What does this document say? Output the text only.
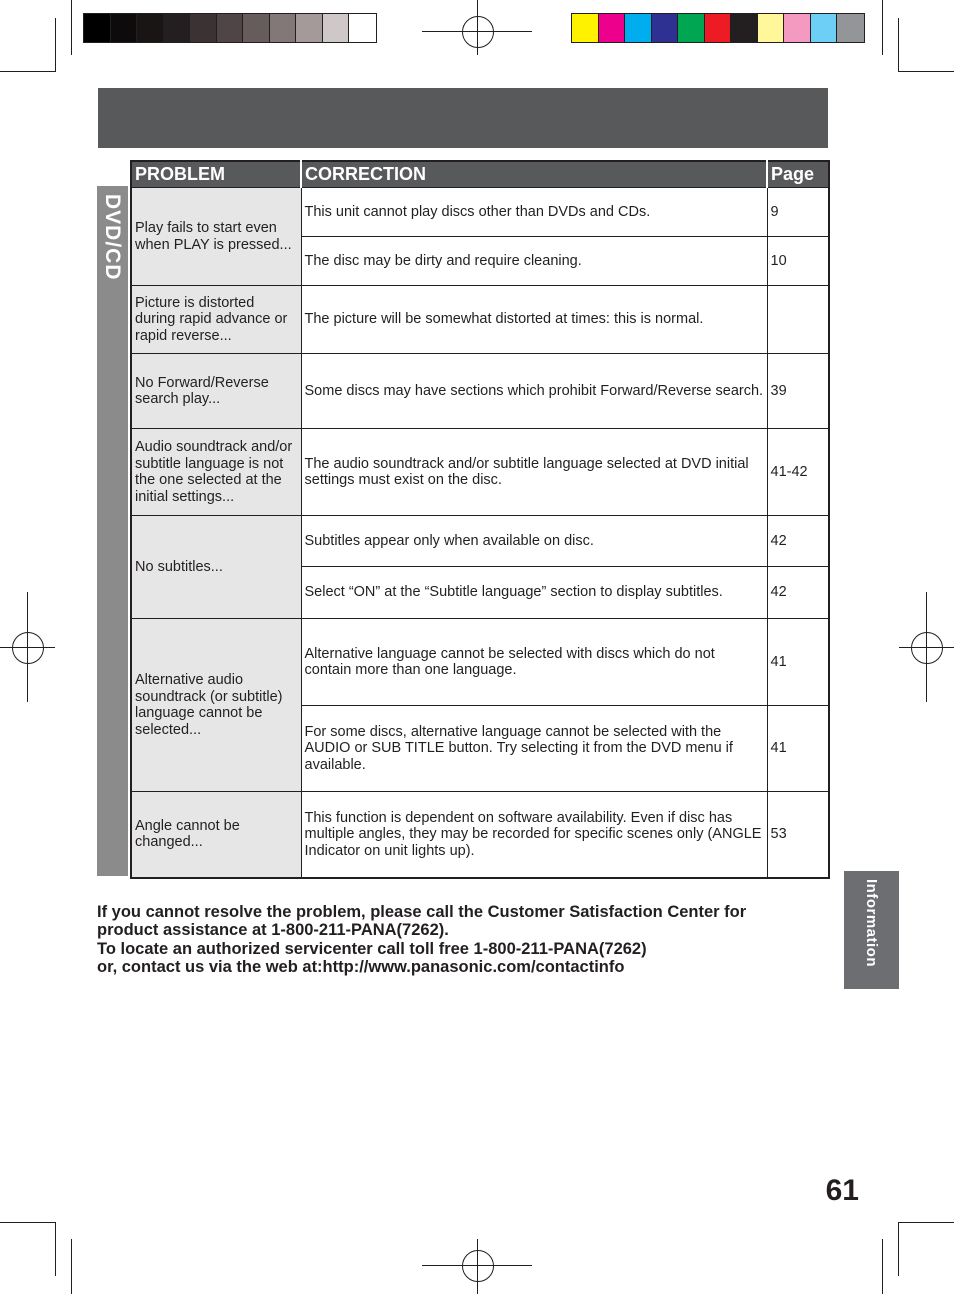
DVD/CD
PROBLEM	CORRECTION	Page
Play fails to start even when PLAY is pressed...	This unit cannot play discs other than DVDs and CDs.	9
	The disc may be dirty and require cleaning.	10
Picture is distorted during rapid advance or rapid reverse...	The picture will be somewhat distorted at times: this is normal.	
No Forward/Reverse search play...	Some discs may have sections which prohibit Forward/Reverse search.	39
Audio soundtrack and/or subtitle language is not the one selected at the initial settings...	The audio soundtrack and/or subtitle language selected at DVD initial settings must exist on the disc.	41-42
No subtitles...	Subtitles appear only when available on disc.	42
	Select “ON” at the “Subtitle language” section to display subtitles.	42
Alternative audio soundtrack (or subtitle) language cannot be selected...	Alternative language cannot be selected with discs which do not contain more than one language.	41
	For some discs, alternative language cannot be selected with the AUDIO or SUB TITLE button. Try selecting it from the DVD menu if available.	41
Angle cannot be changed...	This function is dependent on software availability. Even if disc has multiple angles, they may be recorded for specific scenes only (ANGLE Indicator on unit lights up).	53
If you cannot resolve the problem, please call the Customer Satisfaction Center for
product assistance at 1-800-211-PANA(7262).
To locate an authorized servicenter call toll free 1-800-211-PANA(7262)
or, contact us via the web at:http://www.panasonic.com/contactinfo	Information
61
